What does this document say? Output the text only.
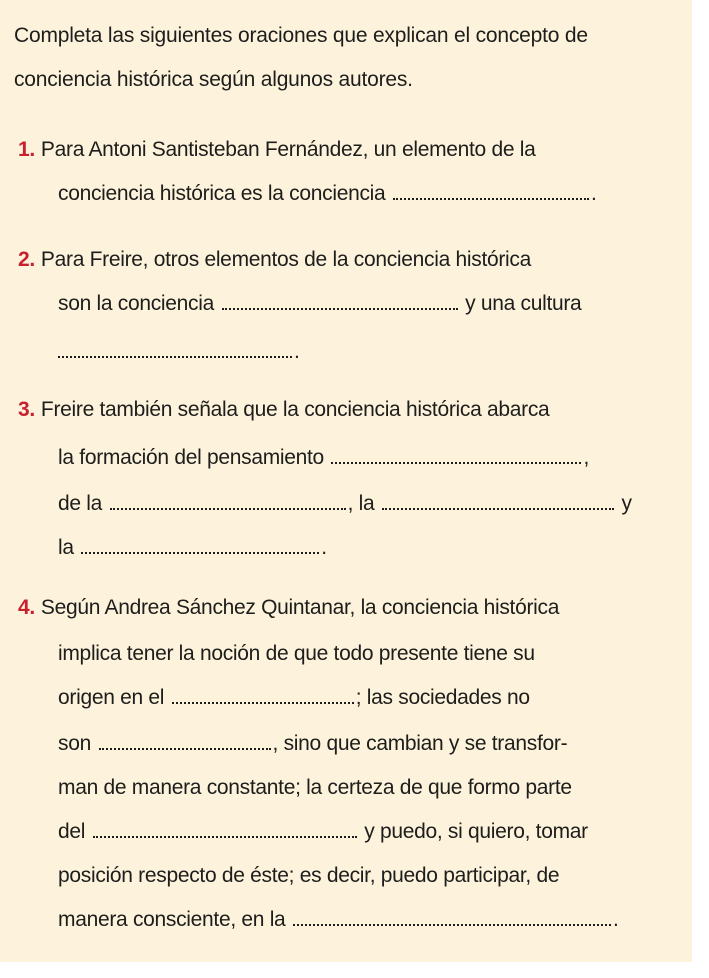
Completa las siguientes oraciones que explican el concepto de conciencia histórica según algunos autores.
1. Para Antoni Santisteban Fernández, un elemento de la
conciencia histórica es la conciencia	.
2. Para Freire, otros elementos de la conciencia histórica
son la conciencia	y una cultura
.
3. Freire también señala que la conciencia histórica abarca
la formación del pensamiento	,
de la	, la	y
la	.
4. Según Andrea Sánchez Quintanar, la conciencia histórica
implica tener la noción de que todo presente tiene su
origen en el	; las sociedades no
son	, sino que cambian y se transfor-
man de manera constante; la certeza de que formo parte
del	y puedo, si quiero, tomar
posición respecto de éste; es decir, puedo participar, de
manera consciente, en la	.
